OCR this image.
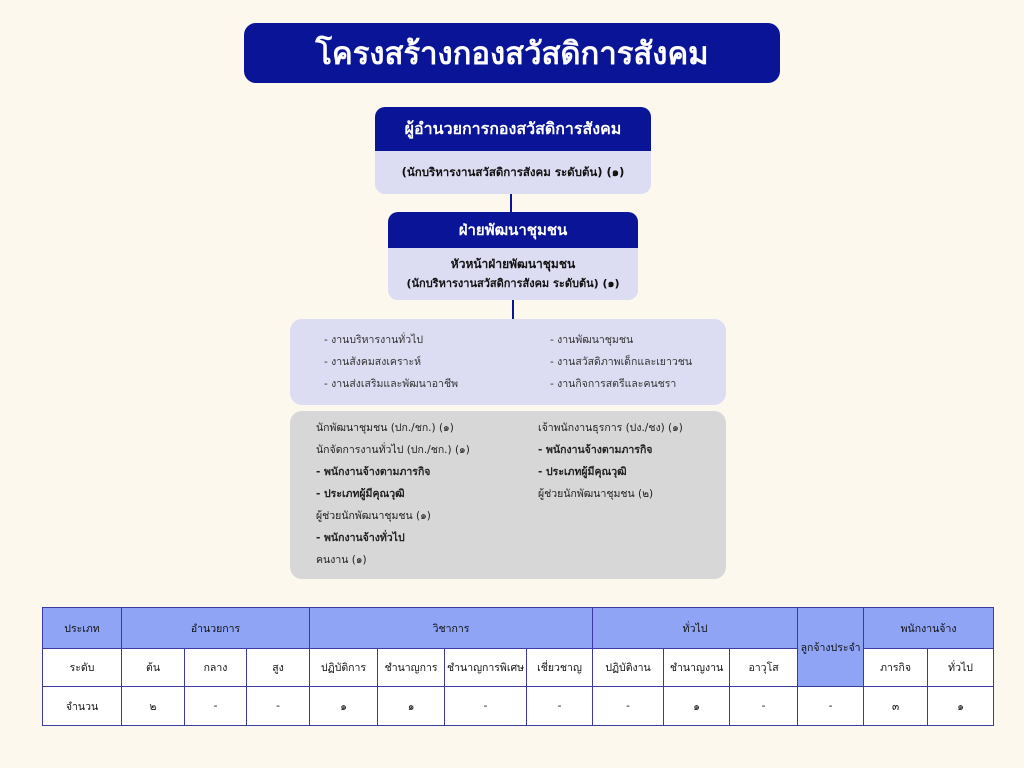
โครงสร้างกองสวัสดิการสังคม
ผู้อำนวยการกองสวัสดิการสังคม
(นักบริหารงานสวัสดิการสังคม ระดับต้น) (๑)
ฝ่ายพัฒนาชุมชน
หัวหน้าฝ่ายพัฒนาชุมชน
(นักบริหารงานสวัสดิการสังคม ระดับต้น) (๑)
- งานบริหารงานทั่วไป
- งานสังคมสงเคราะห์
- งานส่งเสริมและพัฒนาอาชีพ
- งานพัฒนาชุมชน
- งานสวัสดิภาพเด็กและเยาวชน
- งานกิจการสตรีและคนชรา
นักพัฒนาชุมชน (ปก./ชก.) (๑)
นักจัดการงานทั่วไป (ปก./ชก.) (๑)
- พนักงานจ้างตามภารกิจ
- ประเภทผู้มีคุณวุฒิ
ผู้ช่วยนักพัฒนาชุมชน (๑)
- พนักงานจ้างทั่วไป
คนงาน (๑)
เจ้าพนักงานธุรการ (ปง./ชง) (๑)
- พนักงานจ้างตามภารกิจ
- ประเภทผู้มีคุณวุฒิ
ผู้ช่วยนักพัฒนาชุมชน (๒)
ประเภท	อำนวยการ			วิชาการ				ทั่วไป			ลูกจ้างประจำ	พนักงานจ้าง	
ระดับ	ต้น	กลาง	สูง	ปฏิบัติการ	ชำนาญการ	ชำนาญการพิเศษ	เชี่ยวชาญ	ปฏิบัติงาน	ชำนาญงาน	อาวุโส		ภารกิจ	ทั่วไป
จำนวน	๒	-	-	๑	๑	-	-	-	๑	-	-	๓	๑
